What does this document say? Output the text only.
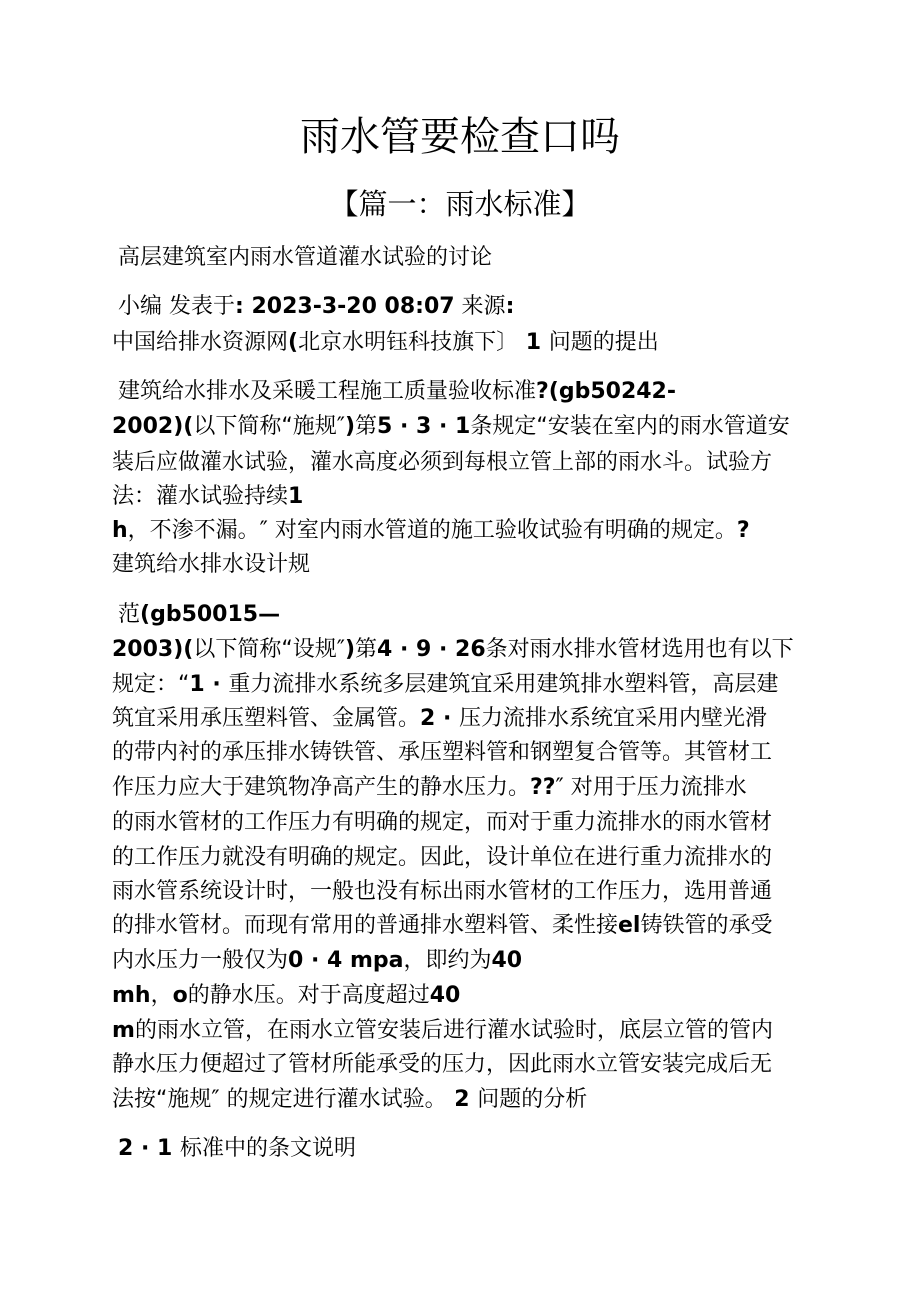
雨水管要检查口吗
【篇一：雨水标准】
高层建筑室内雨水管道灌水试验的讨论
小编 发表于: 2023-3-20 08:07 来源:
中国给排水资源网(北京水明钰科技旗下〕 1 问题的提出
建筑给水排水及采暖工程施工质量验收标准?(gb50242-
2002)(以下简称“施规″)第5 · 3 · 1条规定“安装在室内的雨水管道安
装后应做灌水试验，灌水高度必须到每根立管上部的雨水斗。试验方
法：灌水试验持续1
h，不渗不漏。″ 对室内雨水管道的施工验收试验有明确的规定。?
建筑给水排水设计规
范(gb50015—
2003)(以下简称“设规″)第4 · 9 · 26条对雨水排水管材选用也有以下
规定：“1 · 重力流排水系统多层建筑宜采用建筑排水塑料管，高层建
筑宜采用承压塑料管、金属管。2 · 压力流排水系统宜采用内壁光滑
的带内衬的承压排水铸铁管、承压塑料管和钢塑复合管等。其管材工
作压力应大于建筑物净高产生的静水压力。??″ 对用于压力流排水
的雨水管材的工作压力有明确的规定，而对于重力流排水的雨水管材
的工作压力就没有明确的规定。因此，设计单位在进行重力流排水的
雨水管系统设计时，一般也没有标出雨水管材的工作压力，选用普通
的排水管材。而现有常用的普通排水塑料管、柔性接el铸铁管的承受
内水压力一般仅为0 · 4 mpa，即约为40
mh，o的静水压。对于高度超过40
m的雨水立管，在雨水立管安装后进行灌水试验时，底层立管的管内
静水压力便超过了管材所能承受的压力，因此雨水立管安装完成后无
法按“施规″ 的规定进行灌水试验。 2 问题的分析
2 · 1 标准中的条文说明
